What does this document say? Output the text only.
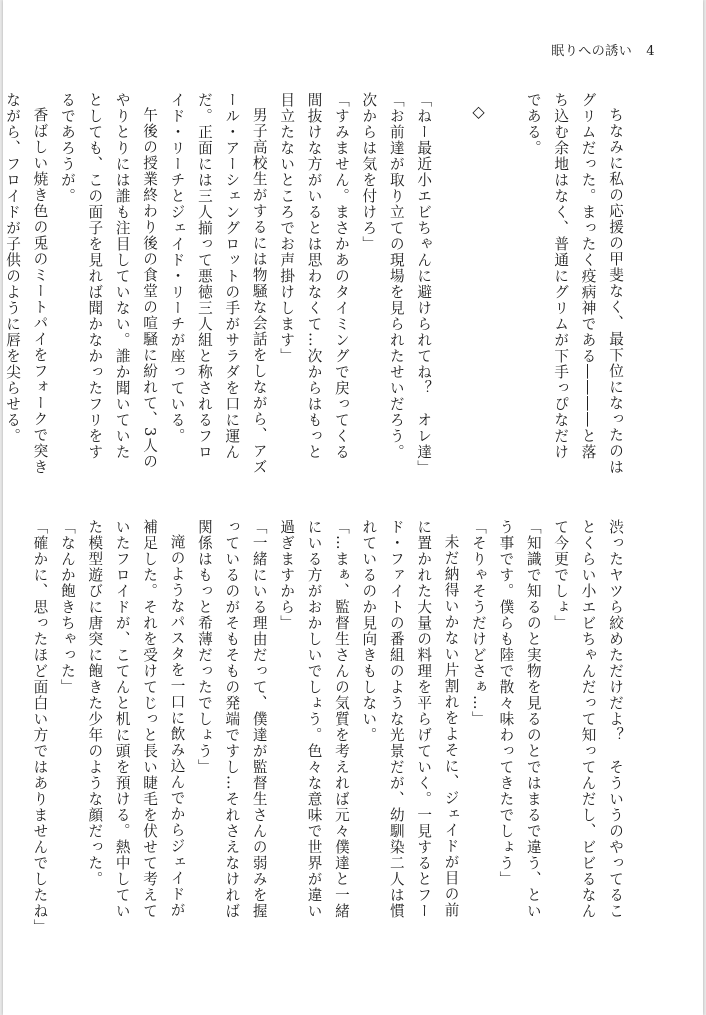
眠りへの誘い 4

ちなみに私の応援の甲斐なく、最下位になったのはグリムだった。まったく疫病神である――――と落ち込む余地はなく、普通にグリムが下手っぴなだけである。

◇

「ねー最近小エビちゃんに避けられてね？　オレ達」

「お前達が取り立ての現場を見られたせいだろう。次からは気を付けろ」

「すみません。まさかあのタイミングで戻ってくる間抜けな方がいるとは思わなくて…次からはもっと目立たないところでお声掛けします」

男子高校生がするには物騒な会話をしながら、アズール・アーシェングロットの手がサラダを口に運んだ。正面には三人揃って悪徳三人組と称されるフロイド・リーチとジェイド・リーチが座っている。

午後の授業終わり後の食堂の喧騒に紛れて、3人のやりとりには誰も注目していない。誰か聞いていたとしても、この面子を見れば聞かなかったフリをするであろうが。

香ばしい焼き色の兎のミートパイをフォークで突きながら、フロイドが子供のように唇を尖らせる。

渋ったヤツら絞めただけだよ？　そういうのやってることくらい小エビちゃんだって知ってんだし、ビビるなんて今更でしょ」

「知識で知るのと実物を見るのとではまるで違う、という事です。僕らも陸で散々味わってきたでしょう」

「そりゃそうだけどさぁ…」

未だ納得いかない片割れをよそに、ジェイドが目の前に置かれた大量の料理を平らげていく。一見するとフード・ファイトの番組のような光景だが、幼馴染二人は慣れているのか見向きもしない。

「…まぁ、監督生さんの気質を考えれば元々僕達と一緒にいる方がおかしいでしょう。色々な意味で世界が違い過ぎますから」

「一緒にいる理由だって、僕達が監督生さんの弱みを握っているのがそもそもの発端ですし…それさえなければ関係はもっと希薄だったでしょう」

滝のようなパスタを一口に飲み込んでからジェイドが補足した。それを受けてじっと長い睫毛を伏せて考えていたフロイドが、こてんと机に頭を預ける。熱中していた模型遊びに唐突に飽きた少年のような顔だった。

「なんか飽きちゃった」

「確かに、思ったほど面白い方ではありませんでしたね」
